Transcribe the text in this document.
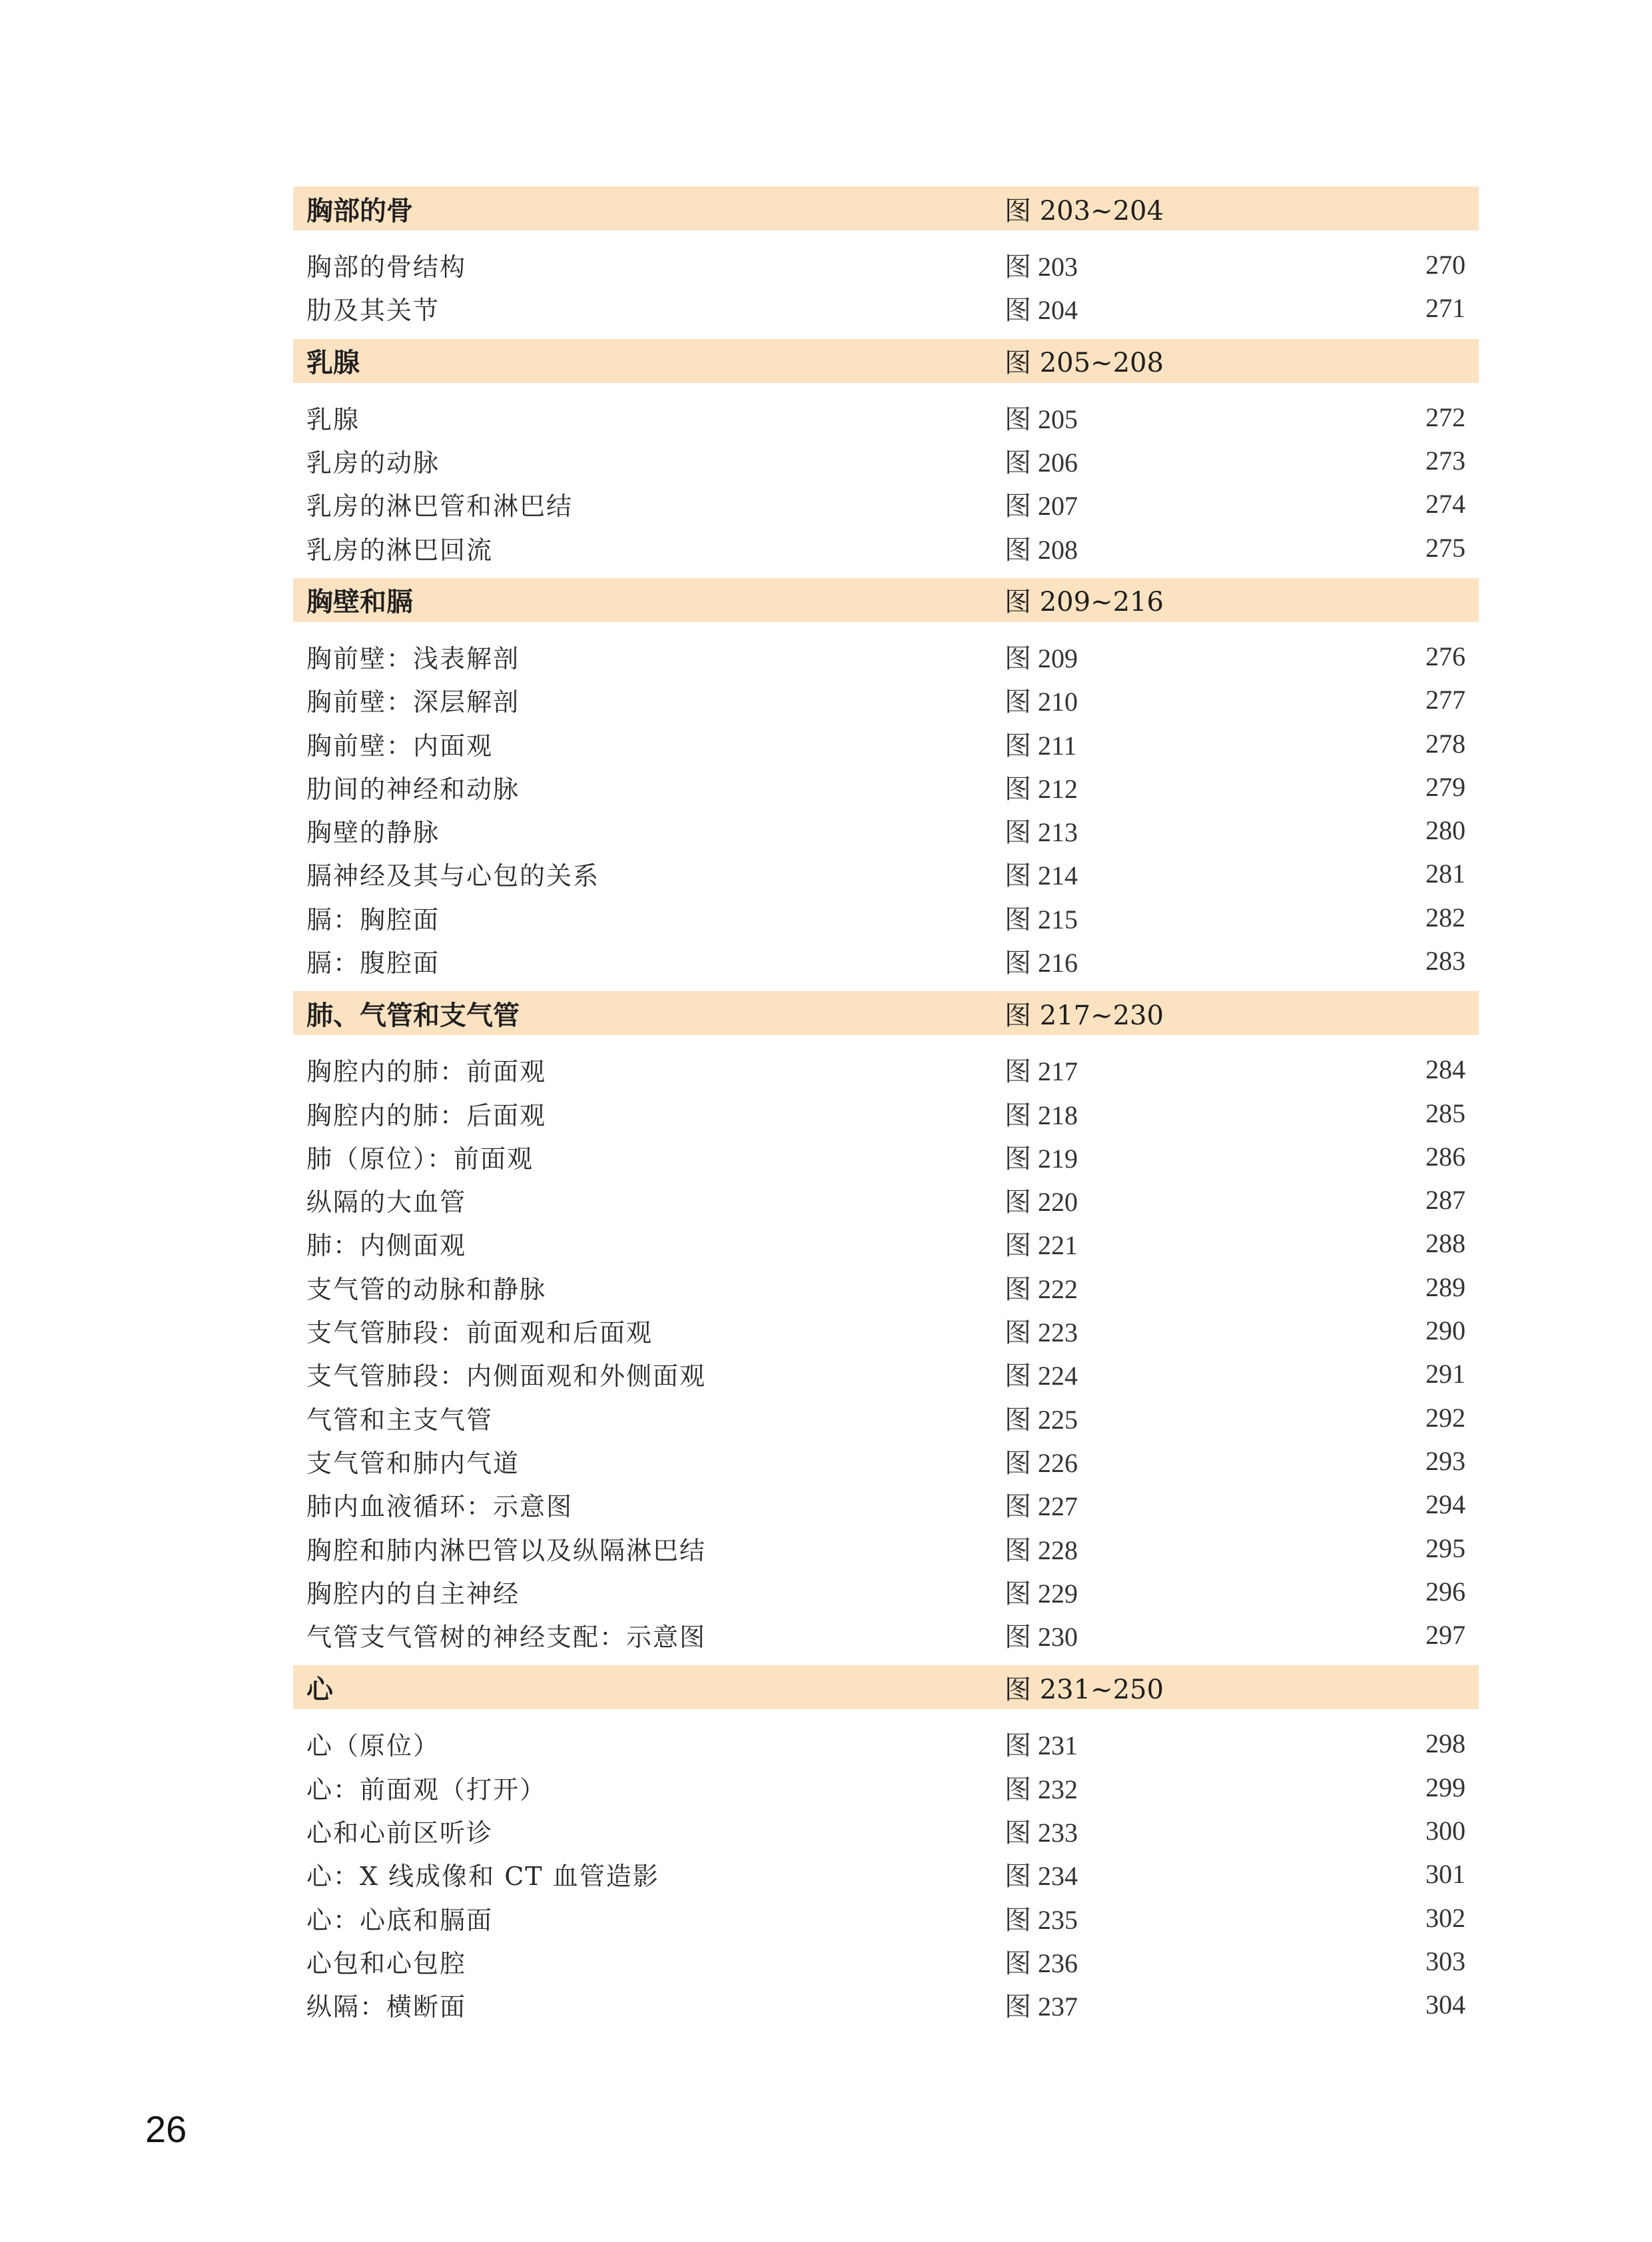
胸部的骨	图 203~204
胸部的骨结构	图 203	270
肋及其关节	图 204	271
乳腺	图 205~208
乳腺	图 205	272
乳房的动脉	图 206	273
乳房的淋巴管和淋巴结	图 207	274
乳房的淋巴回流	图 208	275
胸壁和膈	图 209~216
胸前壁：浅表解剖	图 209	276
胸前壁：深层解剖	图 210	277
胸前壁：内面观	图 211	278
肋间的神经和动脉	图 212	279
胸壁的静脉	图 213	280
膈神经及其与心包的关系	图 214	281
膈：胸腔面	图 215	282
膈：腹腔面	图 216	283
肺、气管和支气管	图 217~230
胸腔内的肺：前面观	图 217	284
胸腔内的肺：后面观	图 218	285
肺（原位）：前面观	图 219	286
纵隔的大血管	图 220	287
肺：内侧面观	图 221	288
支气管的动脉和静脉	图 222	289
支气管肺段：前面观和后面观	图 223	290
支气管肺段：内侧面观和外侧面观	图 224	291
气管和主支气管	图 225	292
支气管和肺内气道	图 226	293
肺内血液循环：示意图	图 227	294
胸腔和肺内淋巴管以及纵隔淋巴结	图 228	295
胸腔内的自主神经	图 229	296
气管支气管树的神经支配：示意图	图 230	297
心	图 231~250
心（原位）	图 231	298
心：前面观（打开）	图 232	299
心和心前区听诊	图 233	300
心：X 线成像和 CT 血管造影	图 234	301
心：心底和膈面	图 235	302
心包和心包腔	图 236	303
纵隔：横断面	图 237	304
26
